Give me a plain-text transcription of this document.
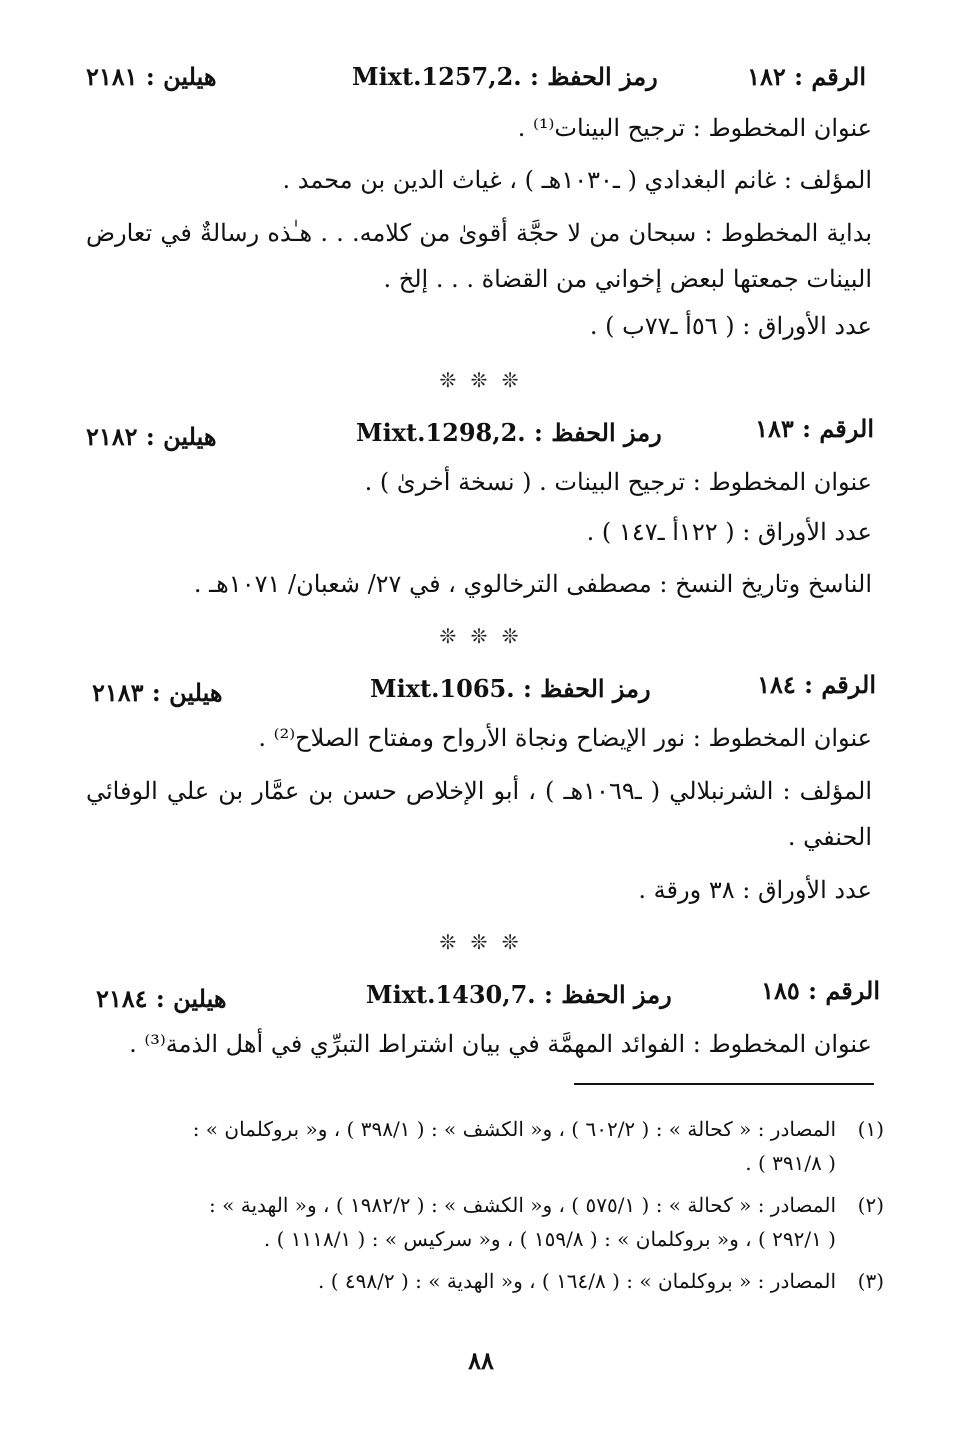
الرقم : ١٨٢
رمز الحفظ : .Mixt.1257,2
هيلين : ٢١٨١
عنوان المخطوط : ترجيح البينات⁽¹⁾ .
المؤلف : غانم البغدادي ( ـ١٠٣٠هـ ) ، غياث الدين بن محمد .
بداية المخطوط : سبحان من لا حجَّة أقوىٰ من كلامه. . . هـٰذه رسالةٌ في تعارض البينات جمعتها لبعض إخواني من القضاة . . . إلخ .
عدد الأوراق : ( ٥٦أ ـ٧٧ب ) .
❊ ❊ ❊
الرقم : ١٨٣
رمز الحفظ : .Mixt.1298,2
هيلين : ٢١٨٢
عنوان المخطوط : ترجيح البينات . ( نسخة أخرىٰ ) .
عدد الأوراق : ( ١٢٢أ ـ١٤٧ ) .
الناسخ وتاريخ النسخ : مصطفى الترخالوي ، في ٢٧/ شعبان/ ١٠٧١هـ .
❊ ❊ ❊
الرقم : ١٨٤
رمز الحفظ : .Mixt.1065
هيلين : ٢١٨٣
عنوان المخطوط : نور الإيضاح ونجاة الأرواح ومفتاح الصلاح⁽²⁾ .
المؤلف : الشرنبلالي ( ـ١٠٦٩هـ ) ، أبو الإخلاص حسن بن عمَّار بن علي الوفائي الحنفي .
عدد الأوراق : ٣٨ ورقة .
❊ ❊ ❊
الرقم : ١٨٥
رمز الحفظ : .Mixt.1430,7
هيلين : ٢١٨٤
عنوان المخطوط : الفوائد المهمَّة في بيان اشتراط التبرِّي في أهل الذمة⁽³⁾ .
(١)المصادر : « كحالة » : ( ٦٠٢/٢ ) ، و« الكشف » : ( ٣٩٨/١ ) ، و« بروكلمان » :
( ٣٩١/٨ ) .
(٢)المصادر : « كحالة » : ( ٥٧٥/١ ) ، و« الكشف » : ( ١٩٨٢/٢ ) ، و« الهدية » :
( ٢٩٢/١ ) ، و« بروكلمان » : ( ١٥٩/٨ ) ، و« سركيس » : ( ١١١٨/١ ) .
(٣)المصادر : « بروكلمان » : ( ١٦٤/٨ ) ، و« الهدية » : ( ٤٩٨/٢ ) .
٨٨
